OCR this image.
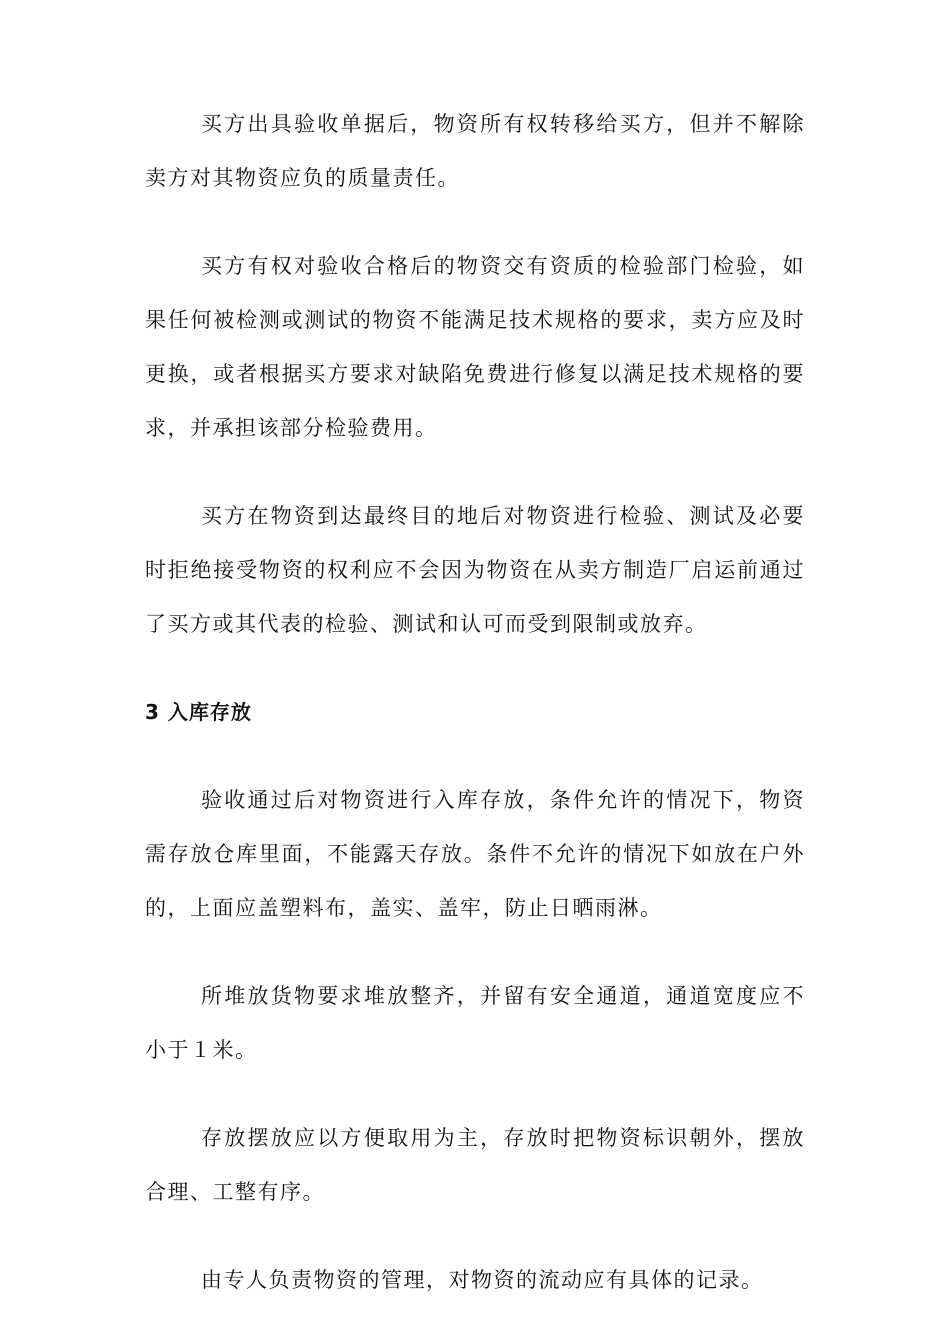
买方出具验收单据后，物资所有权转移给买方，但并不解除卖方对其物资应负的质量责任。

买方有权对验收合格后的物资交有资质的检验部门检验，如果任何被检测或测试的物资不能满足技术规格的要求，卖方应及时更换，或者根据买方要求对缺陷免费进行修复以满足技术规格的要求，并承担该部分检验费用。

买方在物资到达最终目的地后对物资进行检验、测试及必要时拒绝接受物资的权利应不会因为物资在从卖方制造厂启运前通过了买方或其代表的检验、测试和认可而受到限制或放弃。

3 入库存放

验收通过后对物资进行入库存放，条件允许的情况下，物资需存放仓库里面，不能露天存放。条件不允许的情况下如放在户外的，上面应盖塑料布，盖实、盖牢，防止日晒雨淋。

所堆放货物要求堆放整齐，并留有安全通道，通道宽度应不小于１米。

存放摆放应以方便取用为主，存放时把物资标识朝外，摆放合理、工整有序。

由专人负责物资的管理，对物资的流动应有具体的记录。
